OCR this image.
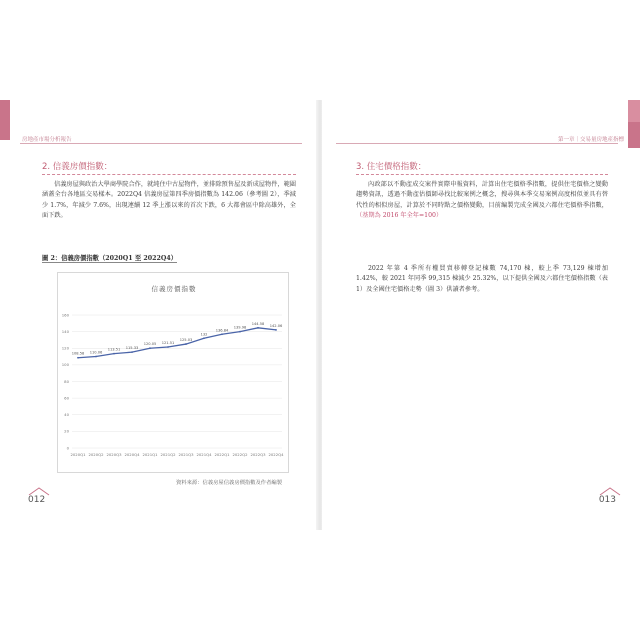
房地產市場分析報告
2. 信義房價指數：
信義房屋與政治大學商學院合作，就純住中古屋物件，並排除預售屋及新成屋物件，範圍涵蓋全台各地區交易樣本。2022Q4 信義房屋第四季房價指數為 142.06（參考圖 2），季減少 1.7%，年減少 7.6%，出現連續 12 季上漲以來的首次下跌，6 大都會區中除高雄外，全面下跌。
圖 2：信義房價指數（2020Q1 至 2022Q4）
信義房價指數
0
20
40
60
80
100
120
140
160
2020Q1 2020Q2 2020Q3 2020Q4 2021Q1 2021Q2 2021Q3 2021Q4 2022Q1 2022Q2 2022Q3 2022Q4
108.58 110.06
113.51 115.33
120.05 121.51
125.03
132
136.84
139.98
144.58
142.06
資料來源：信義房屋信義房價指數及作者編製
012
第一章｜交易量房地產指標
3. 住宅價格指數：
內政部以不動產成交案件實際申報資料，計算出住宅價格季指數，提供住宅價格之變動趨勢資訊，透過不動產估價師尋找比較案例之概念，搜尋與本季交易案例高度相似並具有替代性的相似房屋，計算於不同時點之價格變動，目前編製完成全國及六都住宅價格季指數，（基期為 2016 年全年=100）
2022 年第 4 季所有權買賣移轉登記棟數 74,170 棟，較上季 73,129 棟增加 1.42%，較 2021 年同季 99,315 棟減少 25.32%，以下提供全國及六都住宅價格指數（表 1）及全國住宅價格走勢（圖 3）供讀者參考。
013
